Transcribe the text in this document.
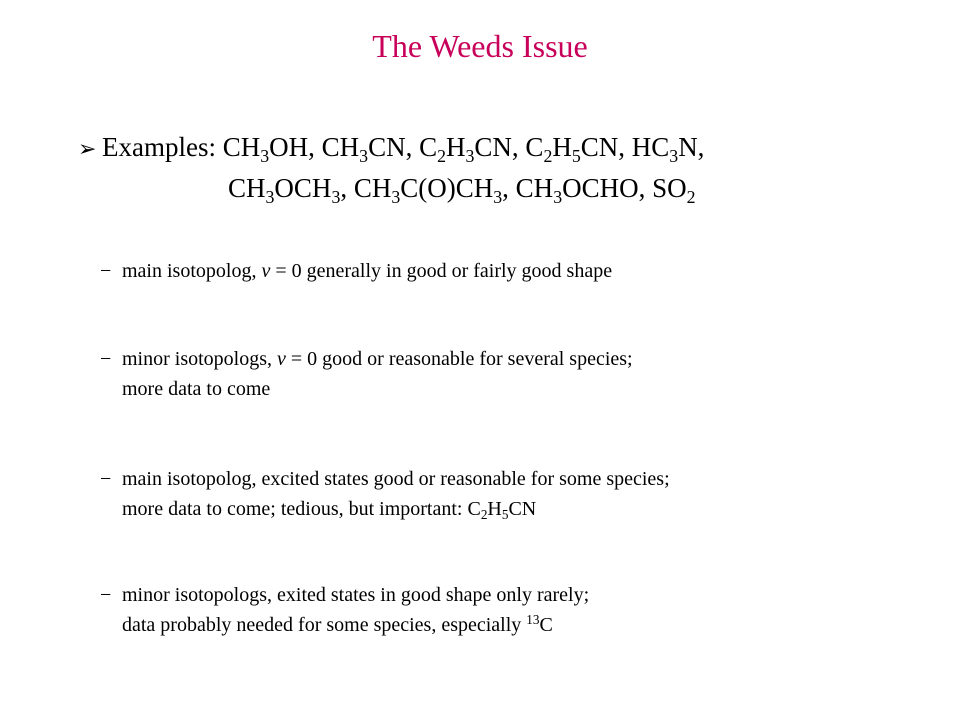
The Weeds Issue
➢ Examples: $CH_3OH$, $CH_3CN$, $C_2H_3CN$, $C_2H_5CN$, $HC_3N$,
$CH_3OCH_3$, $CH_3C(O)CH_3$, $CH_3OCHO$, $SO_2$
− main isotopolog, v = 0 generally in good or fairly good shape
− minor isotopologs, v = 0 good or reasonable for several species;
more data to come
− main isotopolog, excited states good or reasonable for some species;
more data to come; tedious, but important: $C_2H_5CN$
− minor isotopologs, exited states in good shape only rarely;
data probably needed for some species, especially $^{13}$C
